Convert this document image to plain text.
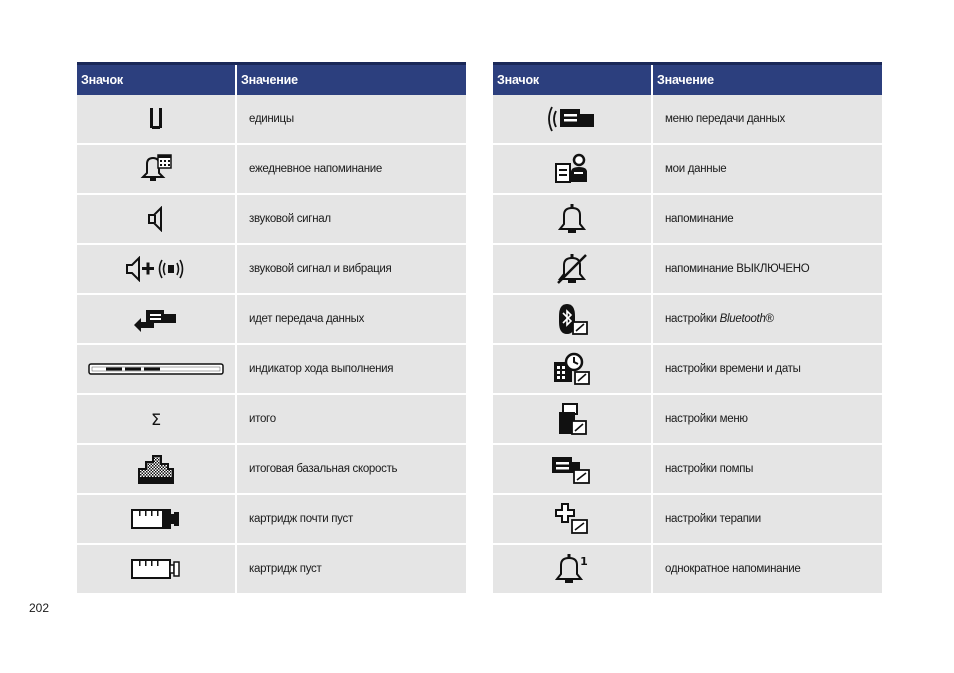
Значок	Значение
	единицы
	ежедневное напоминание
	звуковой сигнал
	звуковой сигнал и вибрация
	идет передача данных
	индикатор хода выполнения

Σ	итого
	итоговая базальная скорость
	картридж почти пуст
	картридж пуст
Значок	Значение
	меню передачи данных
	мои данные
	напоминание
	напоминание ВЫКЛЮЧЕНО
	настройки Bluetooth®
	настройки времени и даты
	настройки меню
	настройки помпы
	настройки терапии

1	однократное напоминание
202
